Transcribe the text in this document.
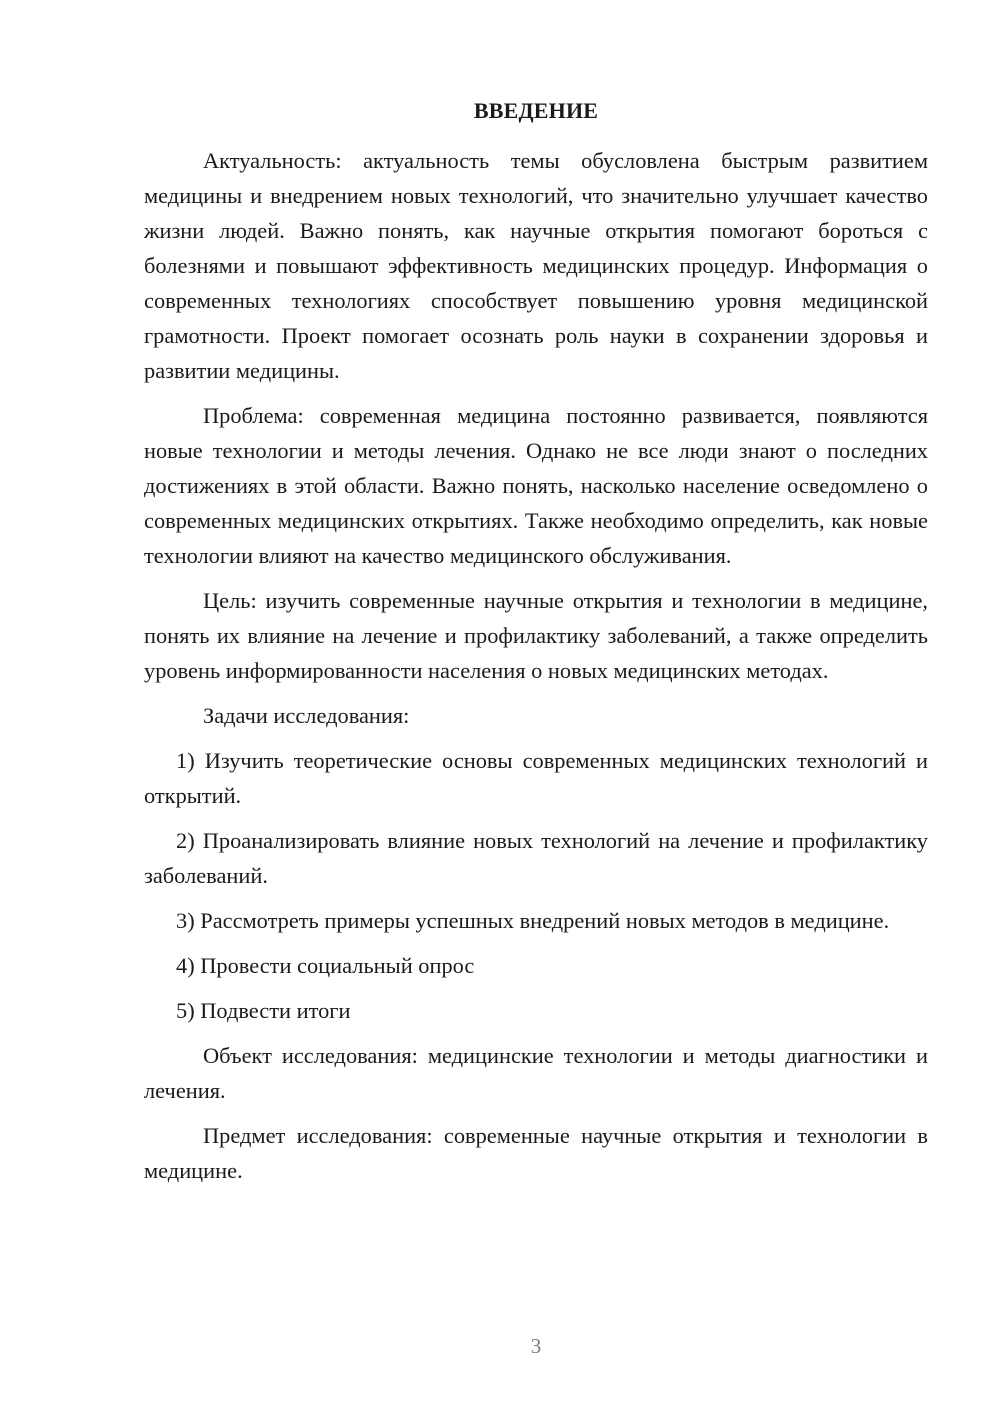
ВВЕДЕНИЕ

Актуальность: актуальность темы обусловлена быстрым развитием медицины и внедрением новых технологий, что значительно улучшает качество жизни людей. Важно понять, как научные открытия помогают бороться с болезнями и повышают эффективность медицинских процедур. Информация о современных технологиях способствует повышению уровня медицинской грамотности. Проект помогает осознать роль науки в сохранении здоровья и развитии медицины.

Проблема: современная медицина постоянно развивается, появляются новые технологии и методы лечения. Однако не все люди знают о последних достижениях в этой области. Важно понять, насколько население осведомлено о современных медицинских открытиях. Также необходимо определить, как новые технологии влияют на качество медицинского обслуживания.

Цель: изучить современные научные открытия и технологии в медицине, понять их влияние на лечение и профилактику заболеваний, а также определить уровень информированности населения о новых медицинских методах.

Задачи исследования:

1) Изучить теоретические основы современных медицинских технологий и открытий.

2) Проанализировать влияние новых технологий на лечение и профилактику заболеваний.

3) Рассмотреть примеры успешных внедрений новых методов в медицине.

4) Провести социальный опрос

5) Подвести итоги

Объект исследования: медицинские технологии и методы диагностики и лечения.

Предмет исследования: современные научные открытия и технологии в медицине.

3
